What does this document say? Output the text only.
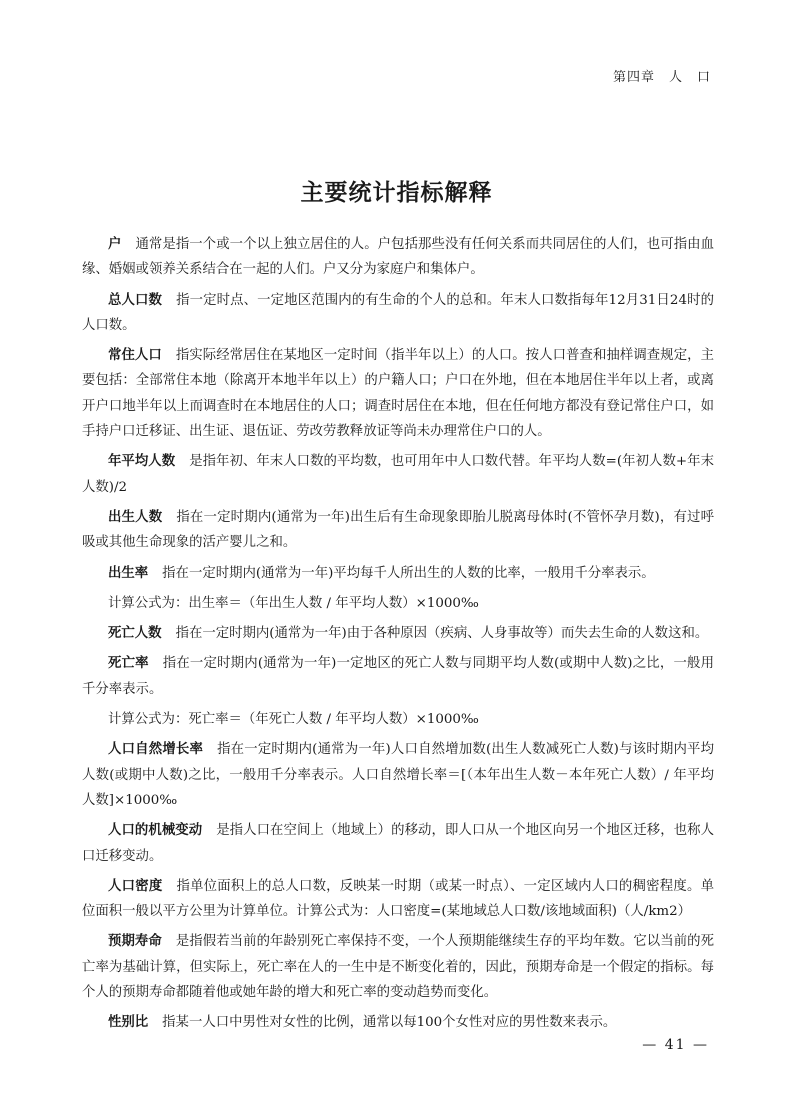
第四章　人　口
主要统计指标解释

户 通常是指一个或一个以上独立居住的人。户包括那些没有任何关系而共同居住的人们，也可指由血缘、婚姻或领养关系结合在一起的人们。户又分为家庭户和集体户。

总人口数 指一定时点、一定地区范围内的有生命的个人的总和。年末人口数指每年12月31日24时的人口数。

常住人口 指实际经常居住在某地区一定时间（指半年以上）的人口。按人口普查和抽样调查规定，主要包括：全部常住本地（除离开本地半年以上）的户籍人口；户口在外地，但在本地居住半年以上者，或离开户口地半年以上而调查时在本地居住的人口；调查时居住在本地，但在任何地方都没有登记常住户口，如手持户口迁移证、出生证、退伍证、劳改劳教释放证等尚未办理常住户口的人。

年平均人数 是指年初、年末人口数的平均数，也可用年中人口数代替。年平均人数=(年初人数+年末人数)/2

出生人数 指在一定时期内(通常为一年)出生后有生命现象即胎儿脱离母体时(不管怀孕月数)，有过呼吸或其他生命现象的活产婴儿之和。

出生率 指在一定时期内(通常为一年)平均每千人所出生的人数的比率，一般用千分率表示。

计算公式为：出生率＝（年出生人数 / 年平均人数）×1000‰

死亡人数 指在一定时期内(通常为一年)由于各种原因（疾病、人身事故等）而失去生命的人数这和。

死亡率 指在一定时期内(通常为一年)一定地区的死亡人数与同期平均人数(或期中人数)之比，一般用千分率表示。

计算公式为：死亡率＝（年死亡人数 / 年平均人数）×1000‰

人口自然增长率 指在一定时期内(通常为一年)人口自然增加数(出生人数减死亡人数)与该时期内平均人数(或期中人数)之比，一般用千分率表示。人口自然增长率＝[（本年出生人数－本年死亡人数）/ 年平均人数]×1000‰

人口的机械变动 是指人口在空间上（地域上）的移动，即人口从一个地区向另一个地区迁移，也称人口迁移变动。

人口密度 指单位面积上的总人口数，反映某一时期（或某一时点）、一定区域内人口的稠密程度。单位面积一般以平方公里为计算单位。计算公式为：人口密度=(某地域总人口数/该地域面积)（人/km2）

预期寿命 是指假若当前的年龄别死亡率保持不变，一个人预期能继续生存的平均年数。它以当前的死亡率为基础计算，但实际上，死亡率在人的一生中是不断变化着的，因此，预期寿命是一个假定的指标。每个人的预期寿命都随着他或她年龄的增大和死亡率的变动趋势而变化。

性别比 指某一人口中男性对女性的比例，通常以每100个女性对应的男性数来表示。

— 41 —
